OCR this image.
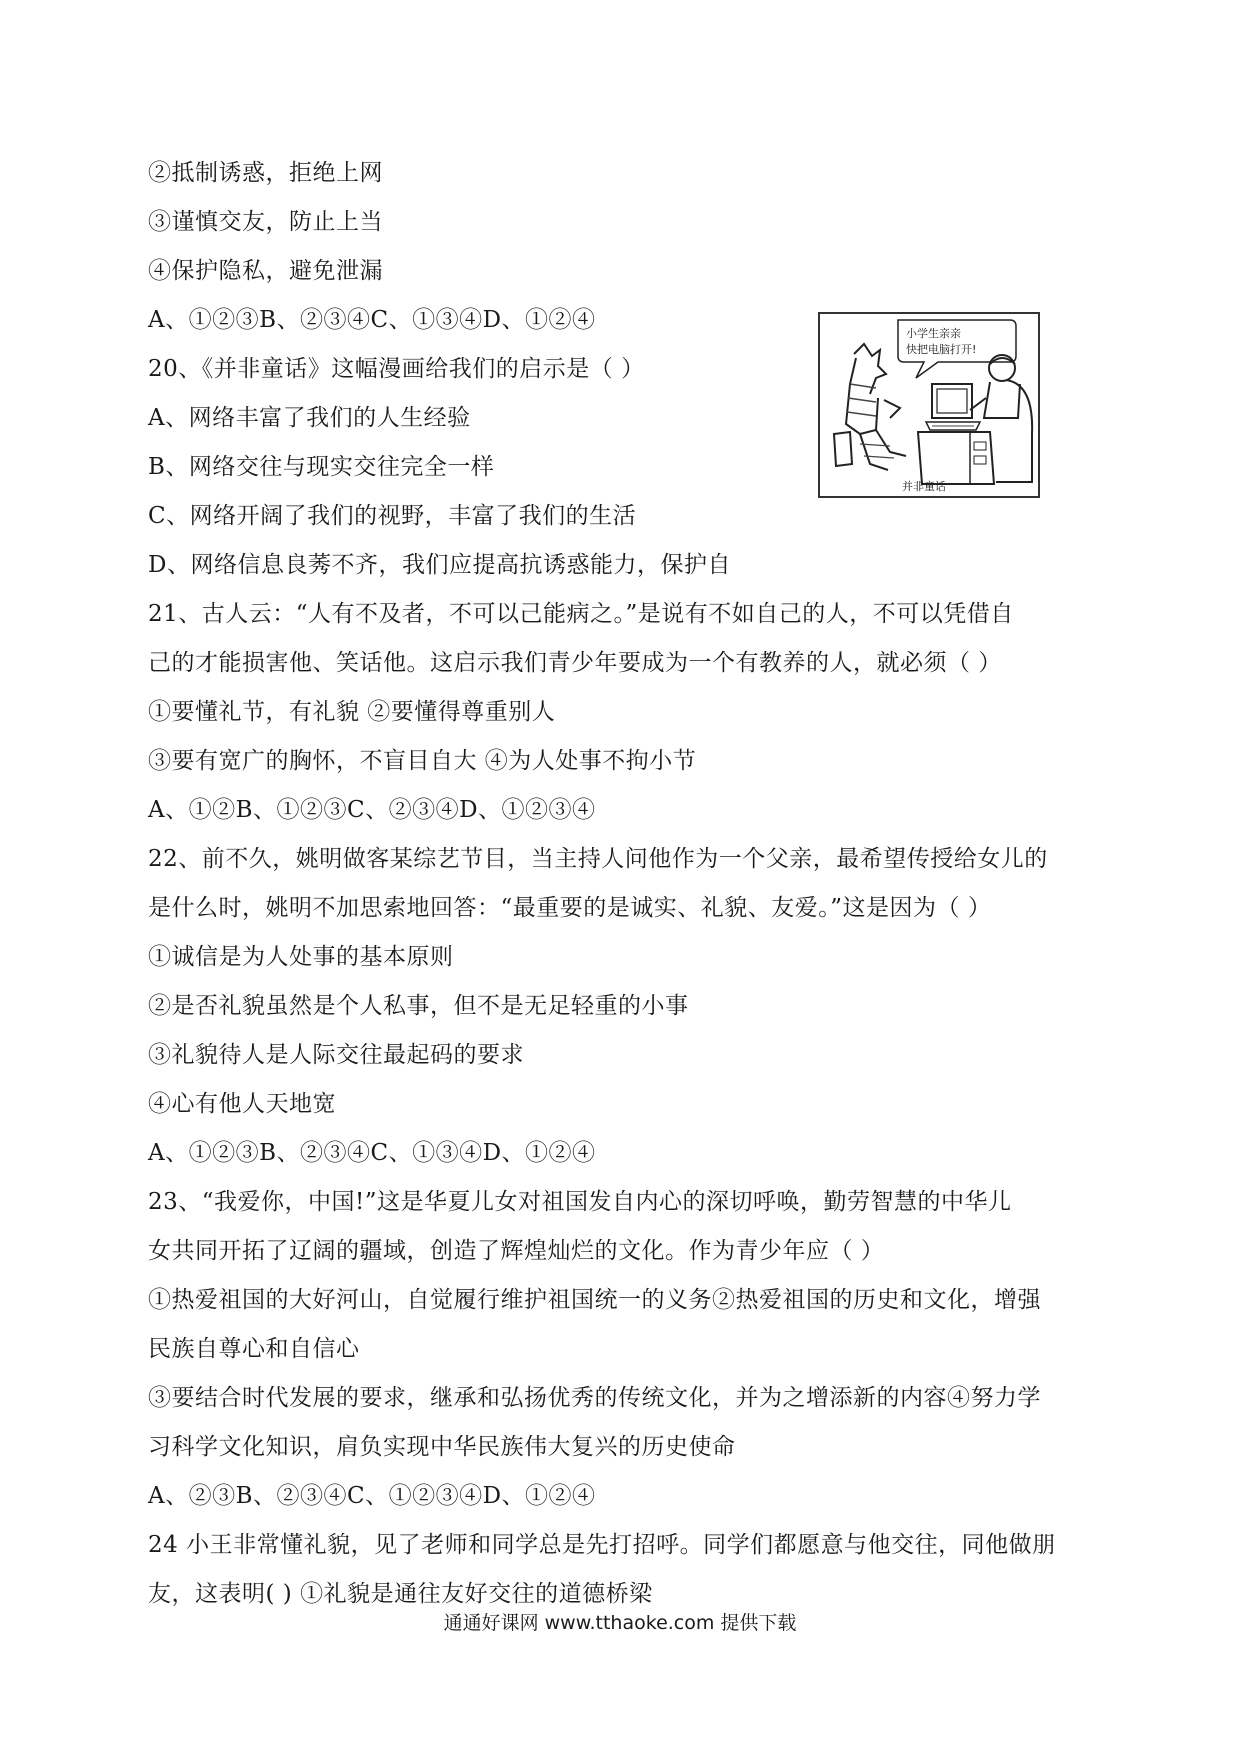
②抵制诱惑，拒绝上网
③谨慎交友，防止上当
④保护隐私，避免泄漏
A、①②③B、②③④C、①③④D、①②④
20、《并非童话》这幅漫画给我们的启示是（ ）
A、网络丰富了我们的人生经验
B、网络交往与现实交往完全一样
C、网络开阔了我们的视野，丰富了我们的生活
D、网络信息良莠不齐，我们应提高抗诱惑能力，保护自
21、古人云：“人有不及者，不可以己能病之。”是说有不如自己的人，不可以凭借自
己的才能损害他、笑话他。这启示我们青少年要成为一个有教养的人，就必须（ ）
①要懂礼节，有礼貌 ②要懂得尊重别人
③要有宽广的胸怀，不盲目自大 ④为人处事不拘小节
A、①②B、①②③C、②③④D、①②③④
22、前不久，姚明做客某综艺节目，当主持人问他作为一个父亲，最希望传授给女儿的
是什么时，姚明不加思索地回答：“最重要的是诚实、礼貌、友爱。”这是因为（ ）
①诚信是为人处事的基本原则
②是否礼貌虽然是个人私事，但不是无足轻重的小事
③礼貌待人是人际交往最起码的要求
④心有他人天地宽
A、①②③B、②③④C、①③④D、①②④
23、“我爱你，中国!”这是华夏儿女对祖国发自内心的深切呼唤，勤劳智慧的中华儿
女共同开拓了辽阔的疆域，创造了辉煌灿烂的文化。作为青少年应（ ）
①热爱祖国的大好河山，自觉履行维护祖国统一的义务②热爱祖国的历史和文化，增强
民族自尊心和自信心
③要结合时代发展的要求，继承和弘扬优秀的传统文化，并为之增添新的内容④努力学
习科学文化知识，肩负实现中华民族伟大复兴的历史使命
A、②③B、②③④C、①②③④D、①②④
24 小王非常懂礼貌，见了老师和同学总是先打招呼。同学们都愿意与他交往，同他做朋
友，这表明( ) ①礼貌是通往友好交往的道德桥梁
小学生亲亲
快把电脑打开!
并非童话
通通好课网 www.tthaoke.com 提供下载
